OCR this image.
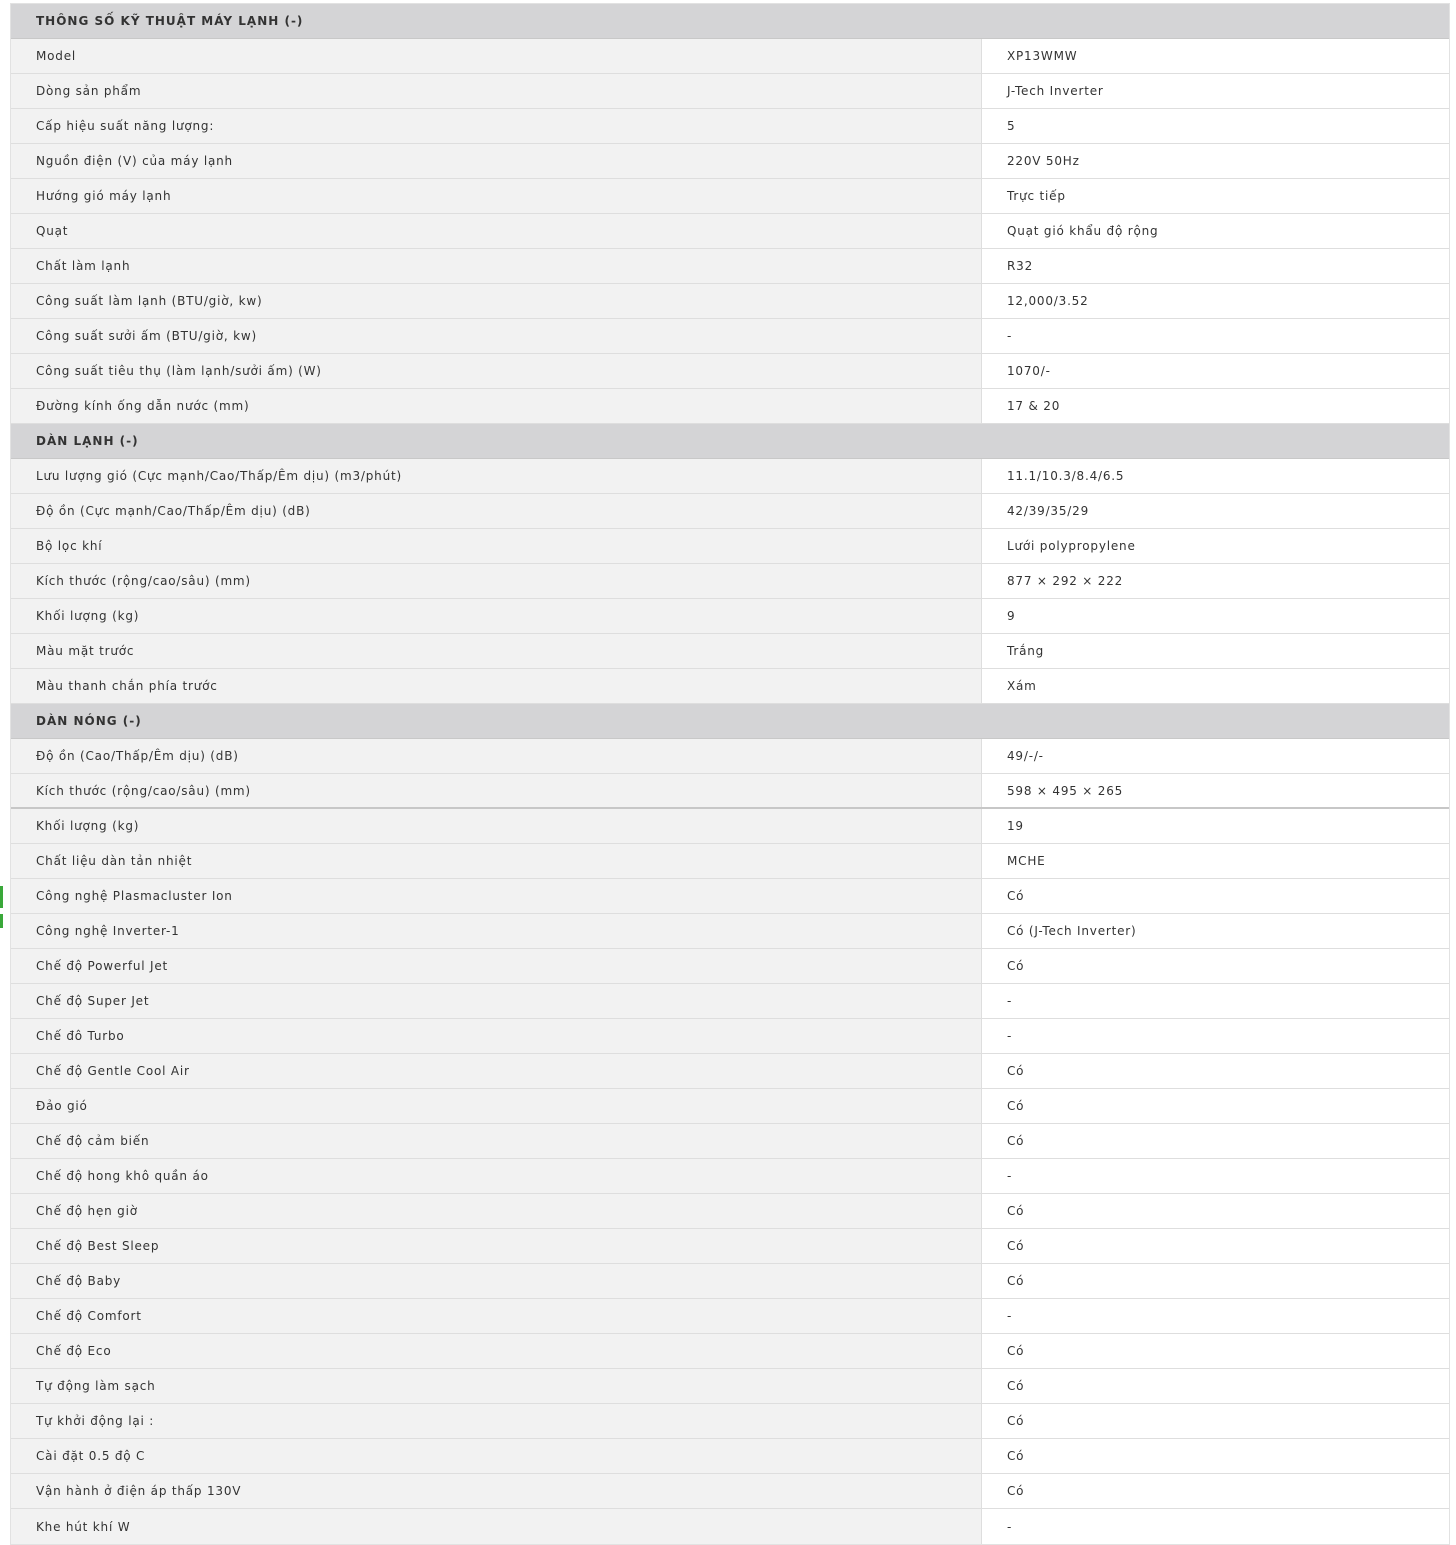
THÔNG SỐ KỸ THUẬT MÁY LẠNH (-)
Model	XP13WMW
Dòng sản phẩm	J-Tech Inverter
Cấp hiệu suất năng lượng:	5
Nguồn điện (V) của máy lạnh	220V 50Hz
Hướng gió máy lạnh	Trực tiếp
Quạt	Quạt gió khẩu độ rộng
Chất làm lạnh	R32
Công suất làm lạnh (BTU/giờ, kw)	12,000/3.52
Công suất sưởi ấm (BTU/giờ, kw)	-
Công suất tiêu thụ (làm lạnh/sưởi ấm) (W)	1070/-
Đường kính ống dẫn nước (mm)	17 & 20
DÀN LẠNH (-)
Lưu lượng gió (Cực mạnh/Cao/Thấp/Êm dịu) (m3/phút)	11.1/10.3/8.4/6.5
Độ ồn (Cực mạnh/Cao/Thấp/Êm dịu) (dB)	42/39/35/29
Bộ lọc khí	Lưới polypropylene
Kích thước (rộng/cao/sâu) (mm)	877 × 292 × 222
Khối lượng (kg)	9
Màu mặt trước	Trắng
Màu thanh chắn phía trước	Xám
DÀN NÓNG (-)
Độ ồn (Cao/Thấp/Êm dịu) (dB)	49/-/-
Kích thước (rộng/cao/sâu) (mm)	598 × 495 × 265
Khối lượng (kg)	19
Chất liệu dàn tản nhiệt	MCHE
Công nghệ Plasmacluster Ion	Có
Công nghệ Inverter-1	Có (J-Tech Inverter)
Chế độ Powerful Jet	Có
Chế độ Super Jet	-
Chế đô Turbo	-
Chế độ Gentle Cool Air	Có
Đảo gió	Có
Chế độ cảm biến	Có
Chế độ hong khô quần áo	-
Chế độ hẹn giờ	Có
Chế độ Best Sleep	Có
Chế độ Baby	Có
Chế độ Comfort	-
Chế độ Eco	Có
Tự động làm sạch	Có
Tự khởi động lại :	Có
Cài đặt 0.5 độ C	Có
Vận hành ở điện áp thấp 130V	Có
Khe hút khí W	-
